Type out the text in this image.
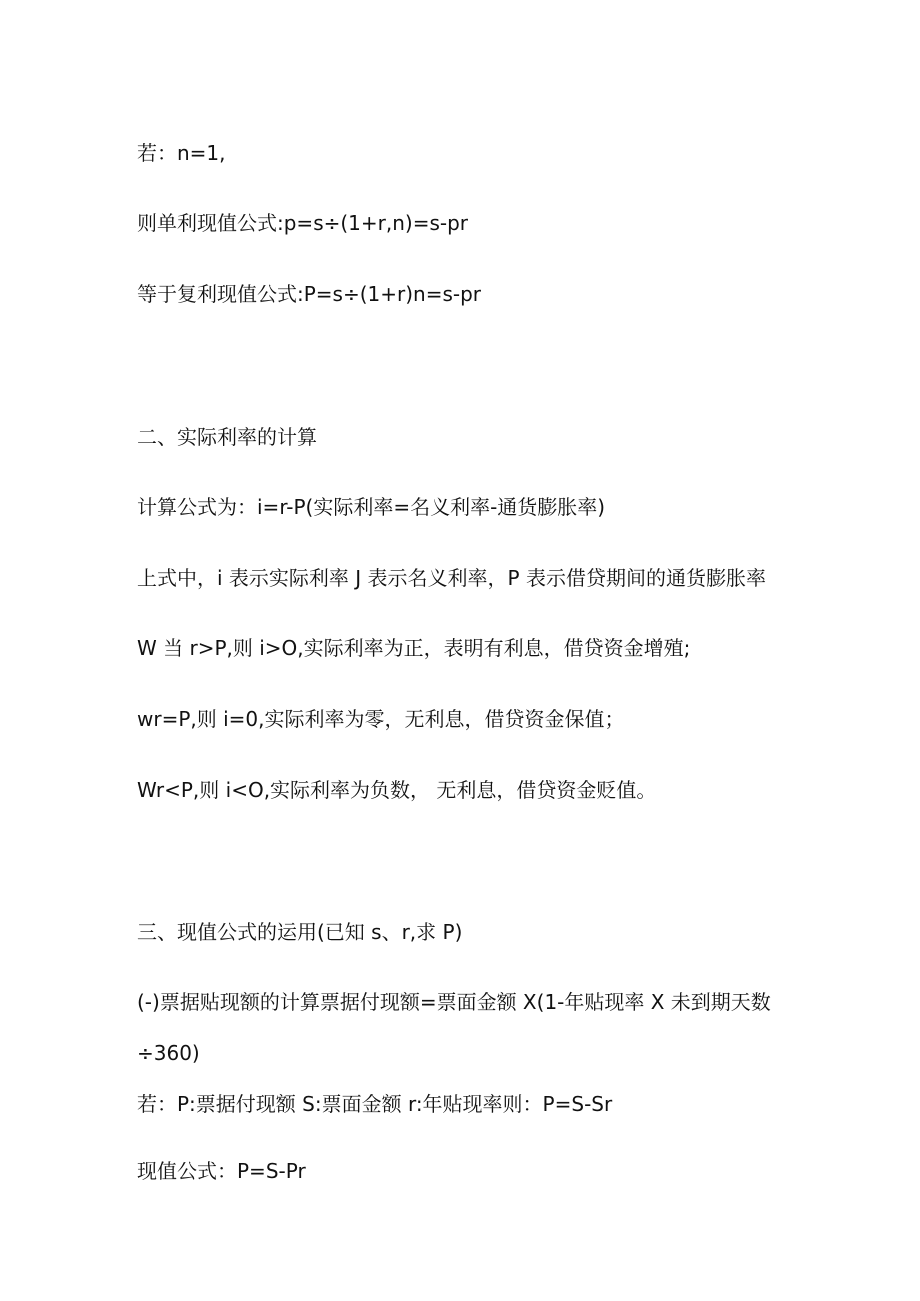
若：n=1,
则单利现值公式:p=s÷(1+r,n)=s-pr
等于复利现值公式:P=s÷(1+r)n=s-pr
二、实际利率的计算
计算公式为：i=r-P(实际利率=名义利率-通货膨胀率)
上式中，i 表示实际利率 J 表示名义利率，P 表示借贷期间的通货膨胀率
W 当 r>P,则 i>O,实际利率为正，表明有利息，借贷资金增殖;
wr=P,则 i=0,实际利率为零，无利息，借贷资金保值；
Wr<P,则 i<O,实际利率为负数， 无利息，借贷资金贬值。
三、现值公式的运用(已知 s、r,求 P)
(-)票据贴现额的计算票据付现额=票面金额 X(1-年贴现率 X 未到期天数
÷360)
若：P:票据付现额 S:票面金额 r:年贴现率则：P=S-Sr
现值公式：P=S-Pr
